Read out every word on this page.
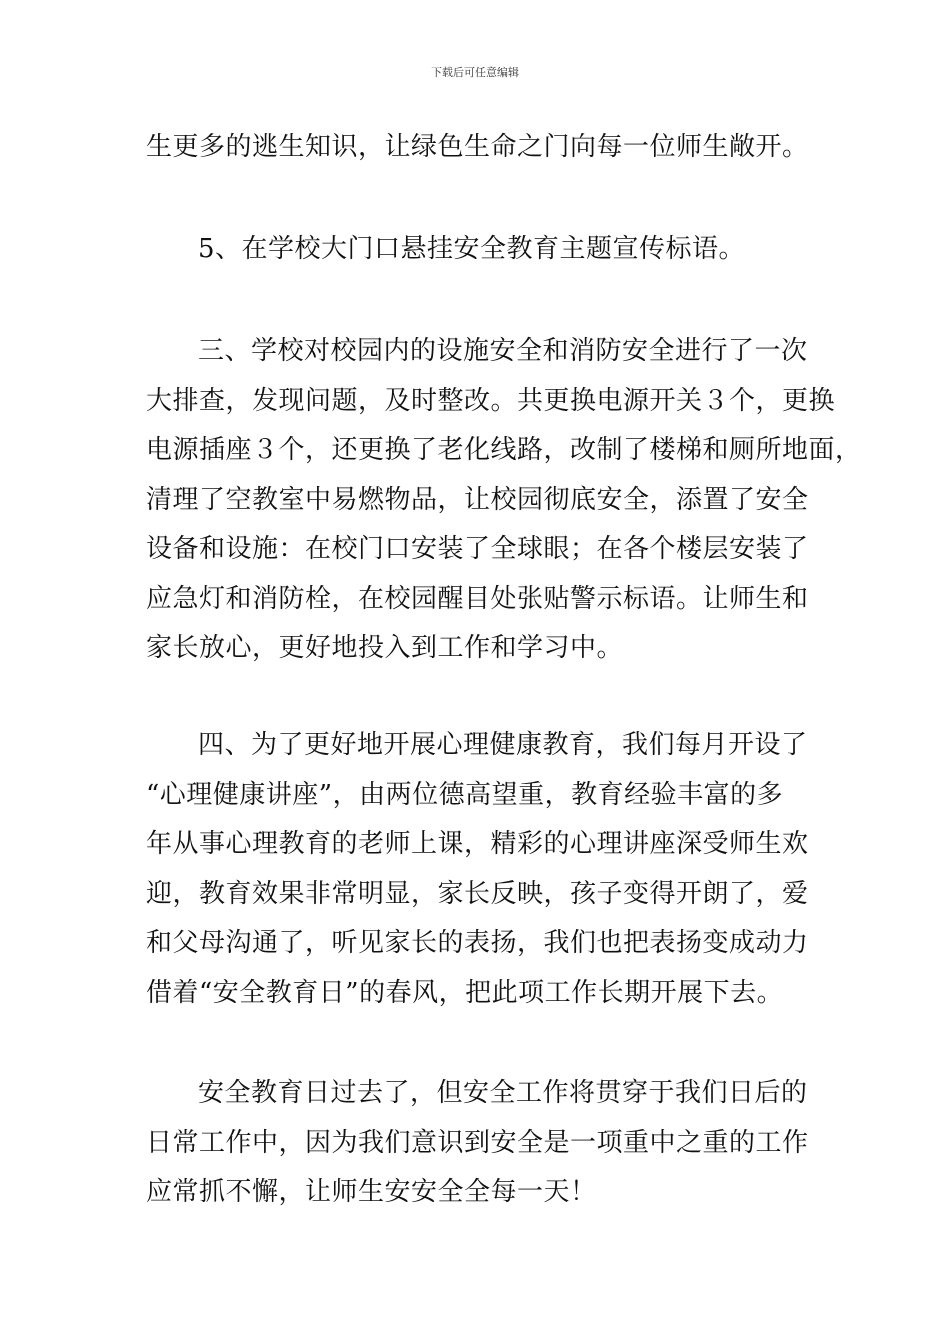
下载后可任意编辑
生更多的逃生知识，让绿色生命之门向每一位师生敞开。
5、在学校大门口悬挂安全教育主题宣传标语。
三、学校对校园内的设施安全和消防安全进行了一次
大排查，发现问题，及时整改。共更换电源开关３个，更换
电源插座３个，还更换了老化线路，改制了楼梯和厕所地面，
清理了空教室中易燃物品，让校园彻底安全，添置了安全
设备和设施：在校门口安装了全球眼；在各个楼层安装了
应急灯和消防栓，在校园醒目处张贴警示标语。让师生和
家长放心，更好地投入到工作和学习中。
四、为了更好地开展心理健康教育，我们每月开设了
“心理健康讲座”，由两位德高望重，教育经验丰富的多
年从事心理教育的老师上课，精彩的心理讲座深受师生欢
迎，教育效果非常明显，家长反映，孩子变得开朗了，爱
和父母沟通了，听见家长的表扬，我们也把表扬变成动力
借着“安全教育日”的春风，把此项工作长期开展下去。
安全教育日过去了，但安全工作将贯穿于我们日后的
日常工作中，因为我们意识到安全是一项重中之重的工作
应常抓不懈，让师生安安全全每一天！
